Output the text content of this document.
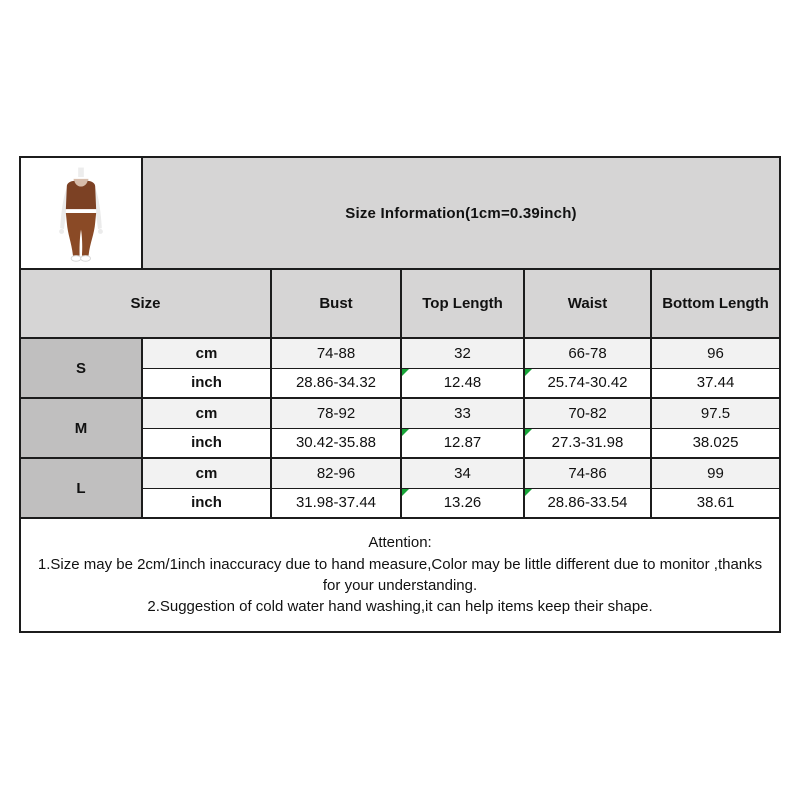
	Size Information(1cm=0.39inch)				
Size		Bust	Top Length	Waist	Bottom Length
S	cm	74-88	32	66-78	96
	inch	28.86-34.32	12.48	25.74-30.42	37.44
M	cm	78-92	33	70-82	97.5
	inch	30.42-35.88	12.87	27.3-31.98	38.025
L	cm	82-96	34	74-86	99
	inch	31.98-37.44	13.26	28.86-33.54	38.61

Attention:
1.Size may be 2cm/1inch inaccuracy due to hand measure,Color may be little different due to monitor ,thanks for your understanding.
2.Suggestion of cold water hand washing,it can help items keep their shape.					
